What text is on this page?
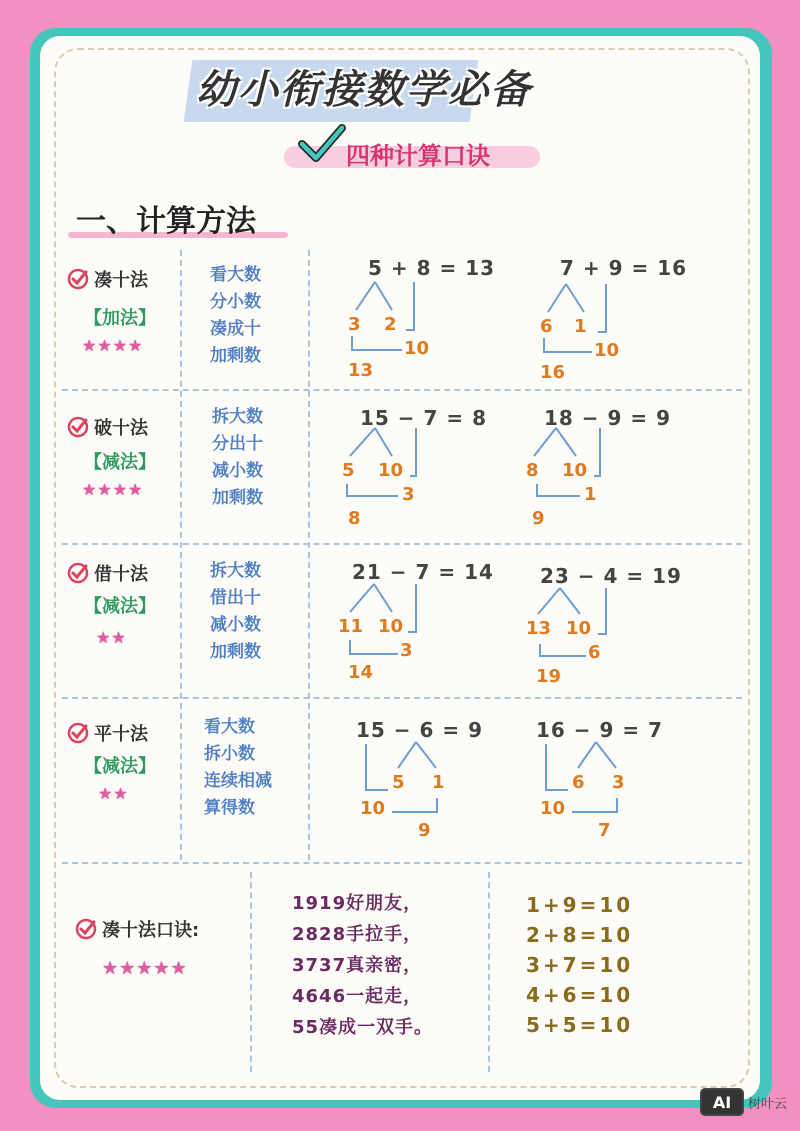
幼小衔接数学必备
四种计算口诀
一、计算方法
凑十法
【加法】
★★★★
看大数
分小数
凑成十
加剩数
5 + 8 = 13
3 2
10
13
7 + 9 = 16
6 1
10
16
破十法
【减法】
★★★★
拆大数
分出十
减小数
加剩数
15 − 7 = 8
5 10
3
8
18 − 9 = 9
8 10
1
9
借十法
【减法】
★★
拆大数
借出十
减小数
加剩数
21 − 7 = 14
11 10
3
14
23 − 4 = 19
13 10
6
19
平十法
【减法】
★★
看大数
拆小数
连续相减
算得数
15 − 6 = 9
5 1
10
9
16 − 9 = 7
6 3
10
7
凑十法口诀:
★★★★★
1919好朋友，
2828手拉手，
3737真亲密，
4646一起走，
55凑成一双手。
1+9=10
2+8=10
3+7=10
4+6=10
5+5=10
AI	树叶云
